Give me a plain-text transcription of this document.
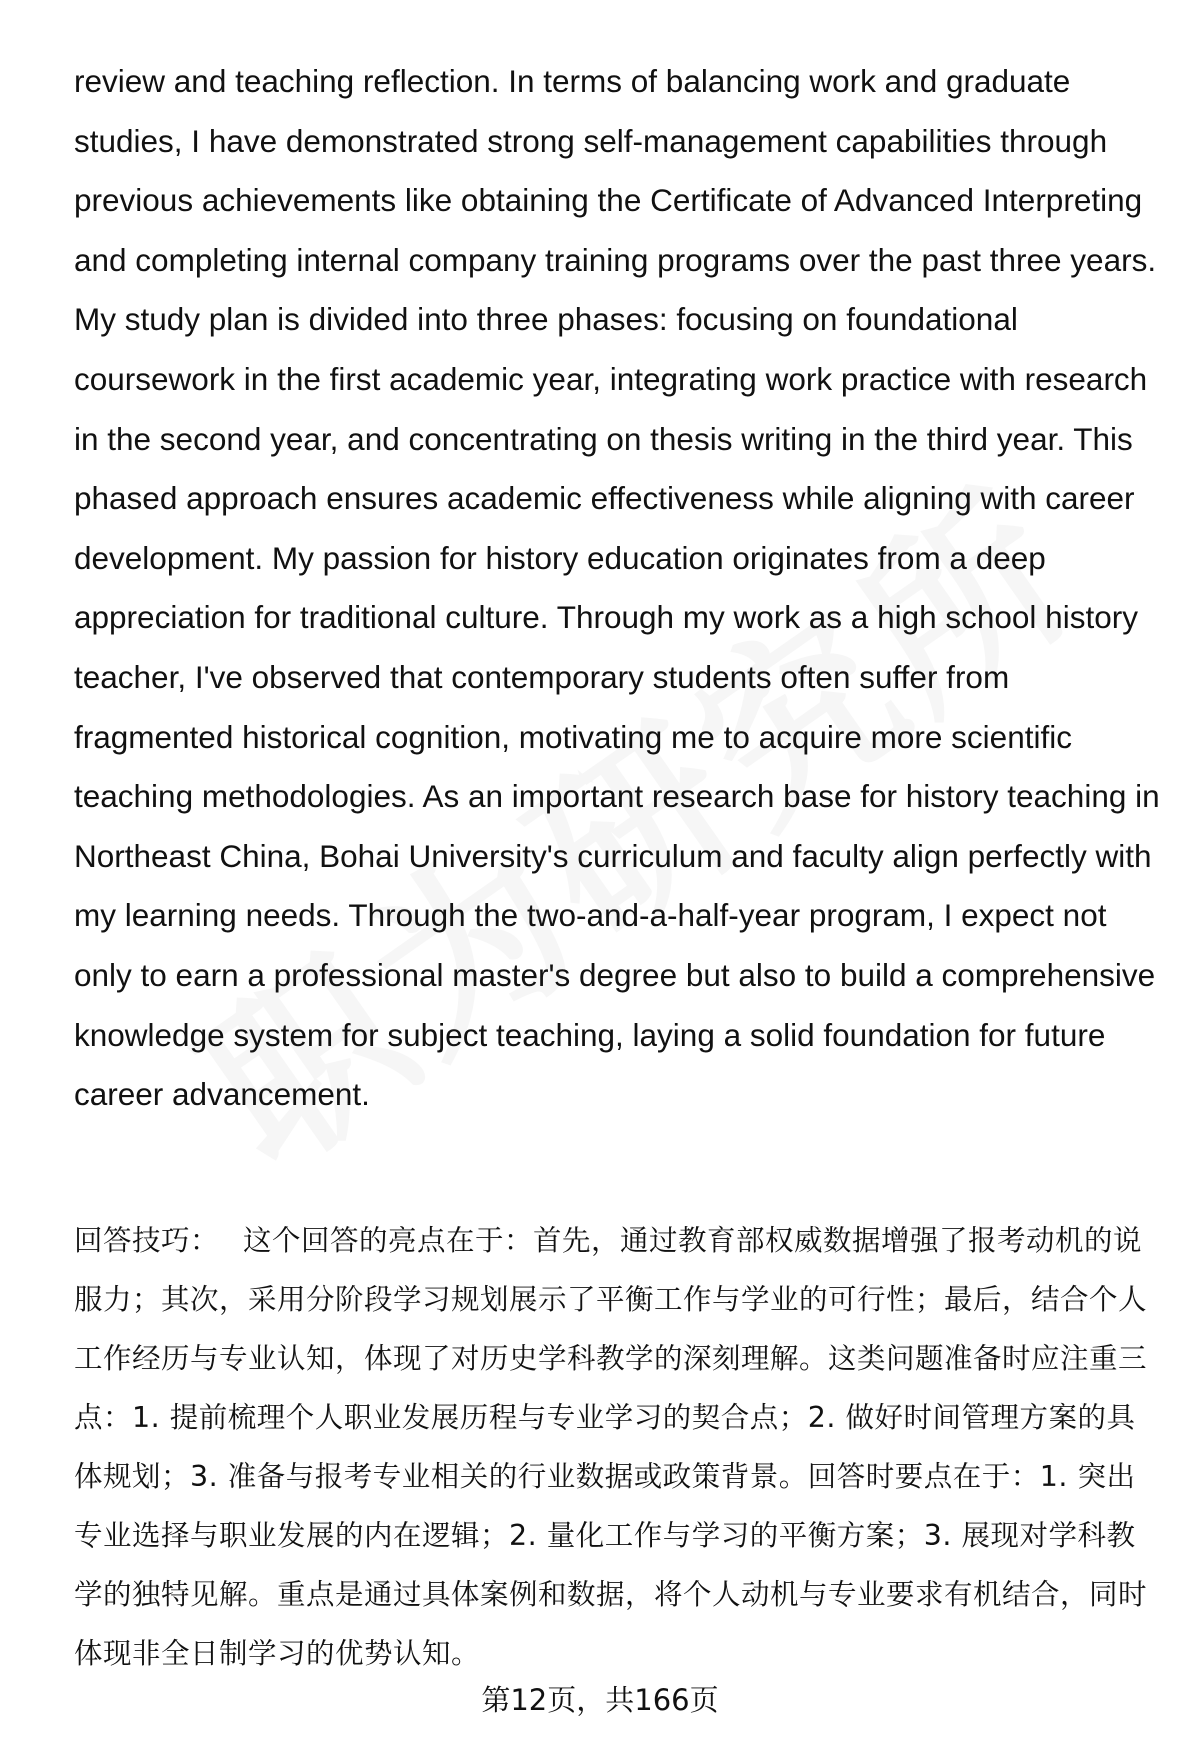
review and teaching reflection. In terms of balancing work and graduate studies, I have demonstrated strong self-management capabilities through previous achievements like obtaining the Certificate of Advanced Interpreting and completing internal company training programs over the past three years. My study plan is divided into three phases: focusing on foundational coursework in the first academic year, integrating work practice with research in the second year, and concentrating on thesis writing in the third year. This phased approach ensures academic effectiveness while aligning with career development. My passion for history education originates from a deep appreciation for traditional culture. Through my work as a high school history teacher, I've observed that contemporary students often suffer from fragmented historical cognition, motivating me to acquire more scientific teaching methodologies. As an important research base for history teaching in Northeast China, Bohai University's curriculum and faculty align perfectly with my learning needs. Through the two-and-a-half-year program, I expect not only to earn a professional master's degree but also to build a comprehensive knowledge system for subject teaching, laying a solid foundation for future career advancement.

回答技巧： 这个回答的亮点在于：首先，通过教育部权威数据增强了报考动机的说服力；其次，采用分阶段学习规划展示了平衡工作与学业的可行性；最后，结合个人工作经历与专业认知，体现了对历史学科教学的深刻理解。这类问题准备时应注重三点：1. 提前梳理个人职业发展历程与专业学习的契合点；2. 做好时间管理方案的具体规划；3. 准备与报考专业相关的行业数据或政策背景。回答时要点在于：1. 突出专业选择与职业发展的内在逻辑；2. 量化工作与学习的平衡方案；3. 展现对学科教学的独特见解。重点是通过具体案例和数据，将个人动机与专业要求有机结合，同时体现非全日制学习的优势认知。

第12页，共166页
